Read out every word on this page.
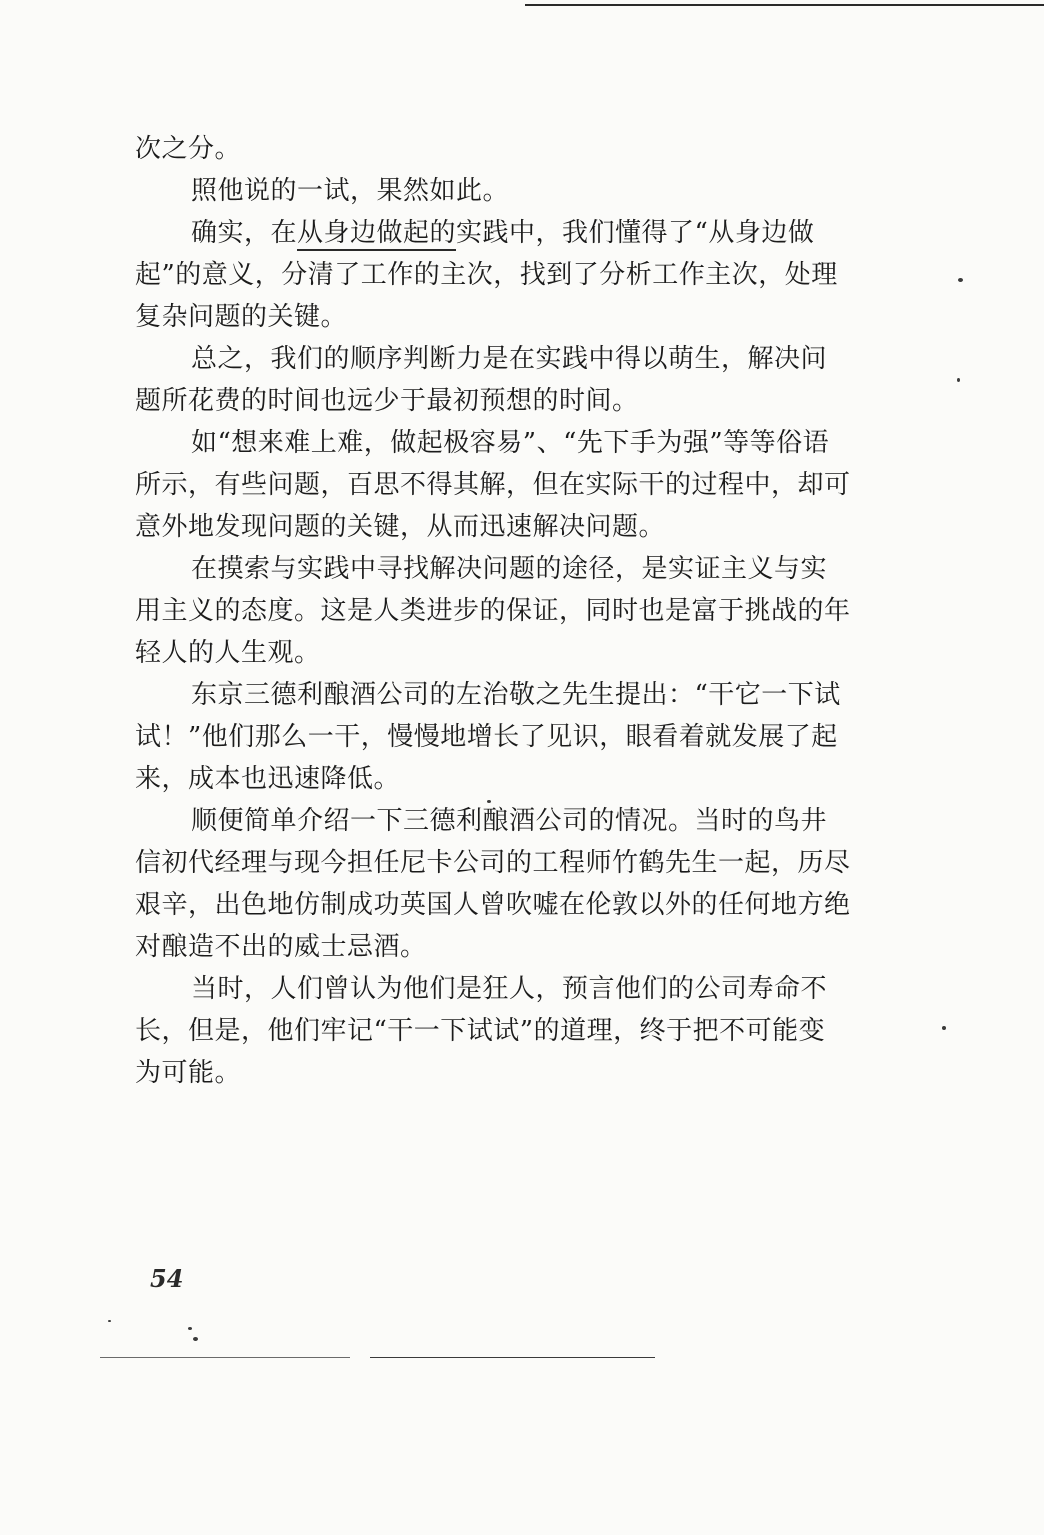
次之分。

照他说的一试，果然如此。

确实，在从身边做起的实践中，我们懂得了“从身边做起”的意义，分清了工作的主次，找到了分析工作主次，处理复杂问题的关键。

总之，我们的顺序判断力是在实践中得以萌生，解决问题所花费的时间也远少于最初预想的时间。

如“想来难上难，做起极容易”、“先下手为强”等等俗语所示，有些问题，百思不得其解，但在实际干的过程中，却可意外地发现问题的关键，从而迅速解决问题。

在摸索与实践中寻找解决问题的途径，是实证主义与实用主义的态度。这是人类进步的保证，同时也是富于挑战的年轻人的人生观。

东京三德利酿酒公司的左治敬之先生提出：“干它一下试试！”他们那么一干，慢慢地增长了见识，眼看着就发展了起来，成本也迅速降低。

顺便简单介绍一下三德利酿酒公司的情况。当时的鸟井信初代经理与现今担任尼卡公司的工程师竹鹤先生一起，历尽艰辛，出色地仿制成功英国人曾吹嘘在伦敦以外的任何地方绝对酿造不出的威士忌酒。

当时，人们曾认为他们是狂人，预言他们的公司寿命不长，但是，他们牢记“干一下试试”的道理，终于把不可能变为可能。

54
